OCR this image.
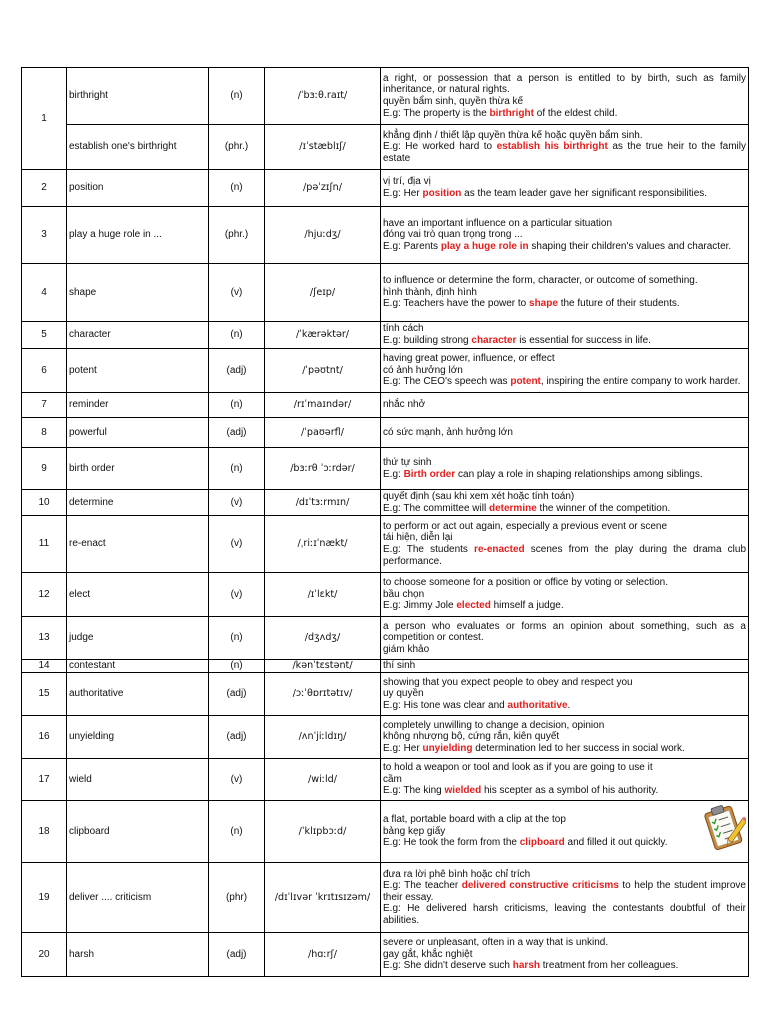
1	birthright	(n)	/ˈbɜːθ.raɪt/	a right, or possession that a person is entitled to by birth, such as family inheritance, or natural rights.
quyền bẩm sinh, quyền thừa kế
E.g: The property is the birthright of the eldest child.

	establish one's birthright	(phr.)	/ɪˈstæblɪʃ/	khẳng định / thiết lập quyền thừa kế hoặc quyền bẩm sinh.
E.g: He worked hard to establish his birthright as the true heir to the family estate

2	position	(n)	/pəˈzɪʃn/	vị trí, địa vị
E.g: Her position as the team leader gave her significant responsibilities.

3	play a huge role in ...	(phr.)	/hjuːdʒ/	have an important influence on a particular situation
đóng vai trò quan trọng trong ...
E.g: Parents play a huge role in shaping their children's values and character.

4	shape	(v)	/ʃeɪp/	to influence or determine the form, character, or outcome of something.
hình thành, định hình
E.g: Teachers have the power to shape the future of their students.

5	character	(n)	/ˈkærəktər/	tính cách
E.g: building strong character is essential for success in life.

6	potent	(adj)	/ˈpəʊtnt/	having great power, influence, or effect
có ảnh hưởng lớn
E.g: The CEO's speech was potent, inspiring the entire company to work harder.

7	reminder	(n)	/rɪˈmaɪndər/	nhắc nhở

8	powerful	(adj)	/ˈpaʊərfl/	có sức mạnh, ảnh hưởng lớn

9	birth order	(n)	/bɜːrθ ˈɔːrdər/	thứ tự sinh
E.g: Birth order can play a role in shaping relationships among siblings.

10	determine	(v)	/dɪˈtɜːrmɪn/	quyết định (sau khi xem xét hoặc tính toán)
E.g: The committee will determine the winner of the competition.

11	re-enact	(v)	/ˌriːɪˈnækt/	to perform or act out again, especially a previous event or scene
tái hiện, diễn lại
E.g: The students re-enacted scenes from the play during the drama club performance.

12	elect	(v)	/ɪˈlɛkt/	to choose someone for a position or office by voting or selection.
bầu chọn
E.g: Jimmy Jole elected himself a judge.

13	judge	(n)	/dʒʌdʒ/	a person who evaluates or forms an opinion about something, such as a competition or contest.
giám khảo

14	contestant	(n)	/kənˈtɛstənt/	thí sinh

15	authoritative	(adj)	/ɔːˈθɒrɪtətɪv/	showing that you expect people to obey and respect you
uy quyền
E.g: His tone was clear and authoritative.

16	unyielding	(adj)	/ʌnˈjiːldɪŋ/	completely unwilling to change a decision, opinion
không nhượng bộ, cứng rắn, kiên quyết
E.g: Her unyielding determination led to her success in social work.

17	wield	(v)	/wiːld/	to hold a weapon or tool and look as if you are going to use it
cầm
E.g: The king wielded his scepter as a symbol of his authority.

18	clipboard	(n)	/ˈklɪpbɔːd/	a flat, portable board with a clip at the top
bảng kẹp giấy
E.g: He took the form from the clipboard and filled it out quickly.

19	deliver .... criticism	(phr)	/dɪˈlɪvər ˈkrɪtɪsɪzəm/	đưa ra lời phê bình hoặc chỉ trích
E.g: The teacher delivered constructive criticisms to help the student improve their essay.
E.g: He delivered harsh criticisms, leaving the contestants doubtful of their abilities.

20	harsh	(adj)	/hɑːrʃ/	severe or unpleasant, often in a way that is unkind.
gay gắt, khắc nghiệt
E.g: She didn't deserve such harsh treatment from her colleagues.
